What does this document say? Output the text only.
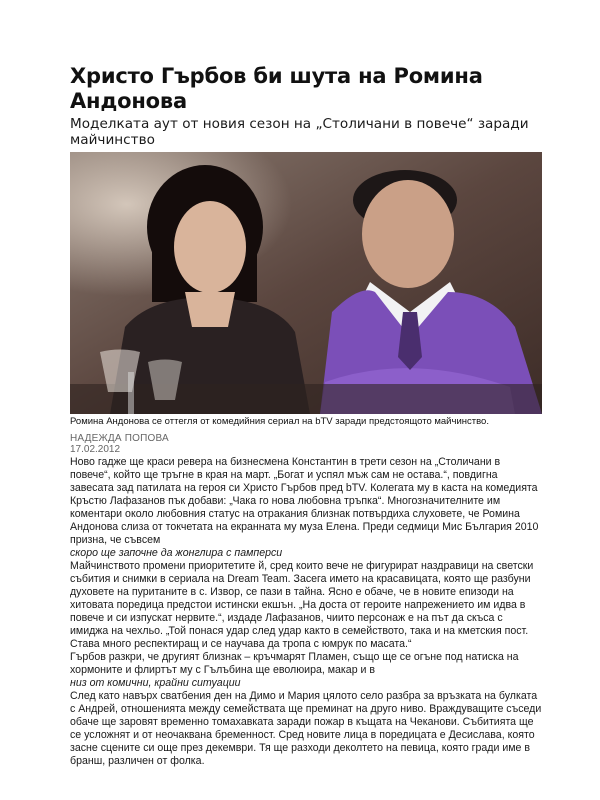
Христо Гърбов би шута на Ромина Андонова
Моделката аут от новия сезон на „Столичани в повече“ заради майчинство
Ромина Андонова се оттегля от комедийния сериал на bTV заради предстоящото майчинство.
НАДЕЖДА ПОПОВА
17.02.2012

Ново гадже ще краси ревера на бизнесмена Константин в трети сезон на „Столичани в повече“, който ще тръгне в края на март. „Богат и успял мъж сам не остава.“, повдигна завесата зад патилата на героя си Христо Гърбов пред bTV. Колегата му в каста на комедията Кръстю Лафазанов пък добави: „Чака го нова любовна тръпка“. Многозначителните им коментари около любовния статус на отракания близнак потвърдиха слуховете, че Ромина Андонова слиза от токчетата на екранната му муза Елена. Преди седмици Мис България 2010 призна, че съвсем

скоро ще започне да жонглира с памперси

Майчинството промени приоритетите й, сред които вече не фигурират наздравици на светски събития и снимки в сериала на Dream Team. Засега името на красавицата, която ще разбуни духовете на пуританите в с. Извор, се пази в тайна. Ясно е обаче, че в новите епизоди на хитовата поредица предстои истински екшън. „На доста от героите напрежението им идва в повече и си изпускат нервите.“, издаде Лафазанов, чиито персонаж е на път да скъса с имиджа на чехльо. „Той понася удар след удар както в семейството, така и на кметския пост. Става много респектиращ и се научава да тропа с юмрук по масата.“

Гърбов разкри, че другият близнак – кръчмарят Пламен, също ще се огъне под натиска на хормоните и флиртът му с Гълъбина ще еволюира, макар и в

низ от комични, крайни ситуации

След като навърх сватбения ден на Димо и Мария цялото село разбра за връзката на булката с Андрей, отношенията между семействата ще преминат на друго ниво. Враждуващите съседи обаче ще заровят временно томахавката заради пожар в къщата на Чеканови. Събитията ще се усложнят и от неочаквана бременност. Сред новите лица в поредицата е Десислава, която засне сцените си още през декември. Тя ще разходи деколтето на певица, която гради име в бранш, различен от фолка.
